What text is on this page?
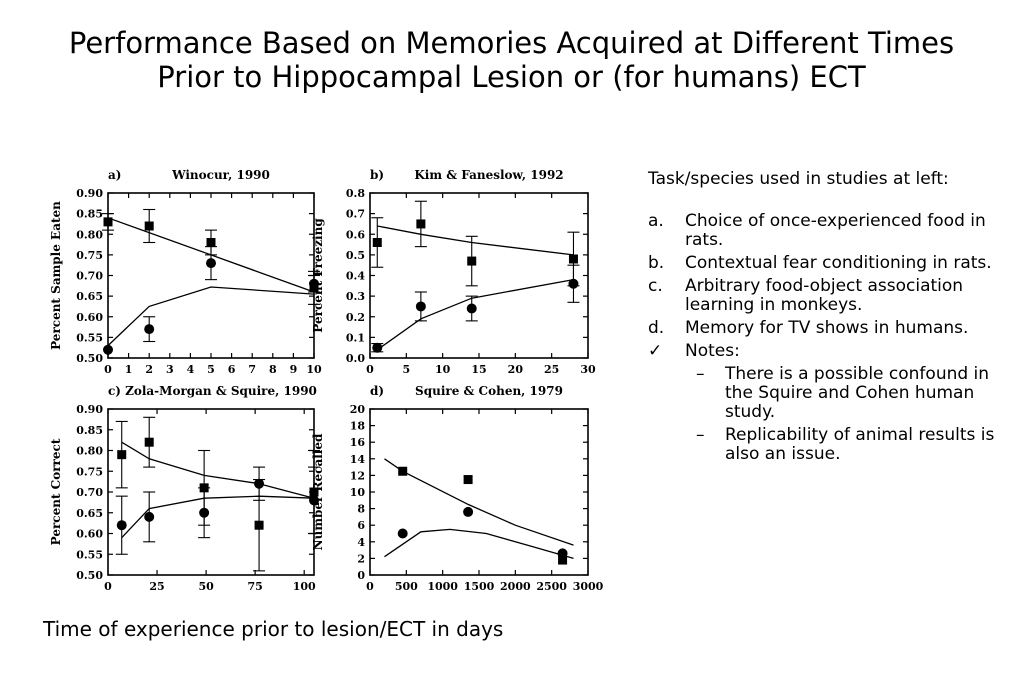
Performance Based on Memories Acquired at Different Times Prior to Hippocampal Lesion or (for humans) ECT
0.50
0.55
0.60
0.65
0.70
0.75
0.80
0.85
0.90
0 1 2 3 4 5 6 7 8 9 10
a)	Winocur, 1990
Percent Sample Eaten
0.0
0.1
0.2
0.3
0.4
0.5
0.6
0.7
0.8
0	5 10 15 20 25 30
b)	Kim & Faneslow, 1992
Percent Freezing
0.50
0.55
0.60
0.65
0.70
0.75
0.80
0.85
0.90
0	25	50	75	100
c) Zola-Morgan & Squire, 1990
Percent Correct
0
2
4
6
8
10
12
14
16
18
20
0 500 1000 1500 2000 2500 3000
d)	Squire & Cohen, 1979
Number Recalled
Time of experience prior to lesion/ECT in days
Task/species used in studies at left:
a. Choice of once-experienced food in rats.
b. Contextual fear conditioning in rats.
c. Arbitrary food-object association learning in monkeys.
d. Memory for TV shows in humans.
✓ Notes:
– There is a possible confound in the Squire and Cohen human study.
– Replicability of animal results is also an issue.
